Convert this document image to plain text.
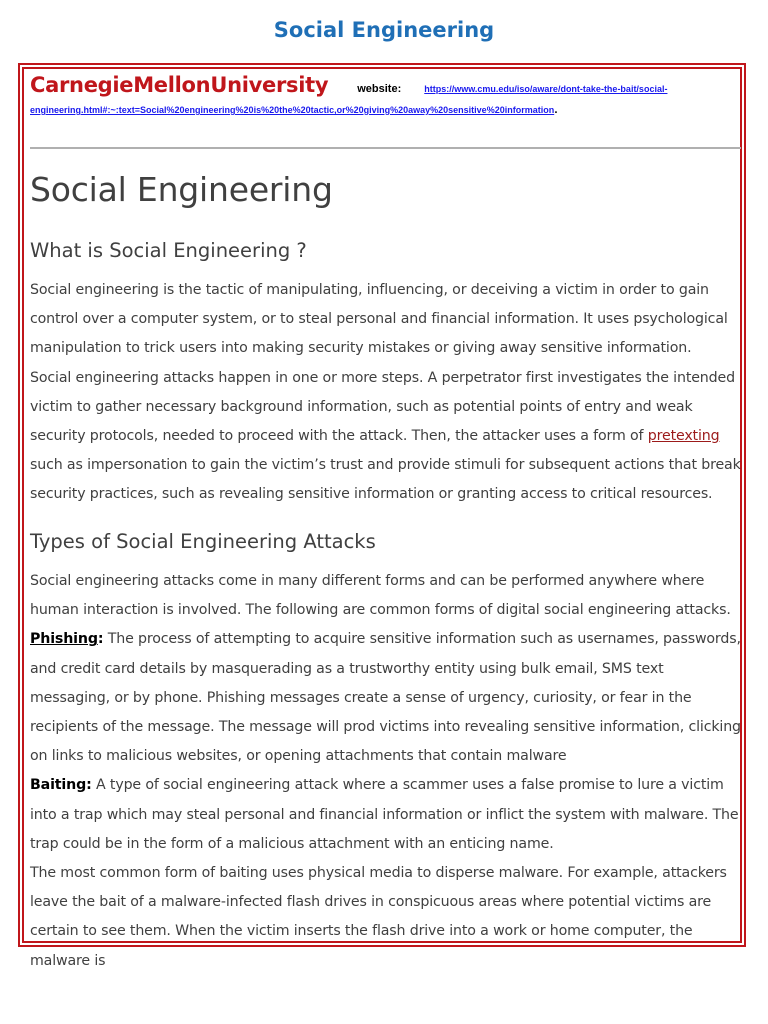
Social Engineering
CarnegieMellonUniversity	website:	https://www.cmu.edu/iso/aware/dont-take-the-bait/social-
engineering.html#:~:text=Social%20engineering%20is%20the%20tactic,or%20giving%20away%20sensitive%20information.
Social Engineering
What is Social Engineering ?

Social engineering is the tactic of manipulating, influencing, or deceiving a victim in order to gain control over a computer system, or to steal personal and financial information. It uses psychological manipulation to trick users into making security mistakes or giving away sensitive information.

Social engineering attacks happen in one or more steps. A perpetrator first investigates the intended victim to gather necessary background information, such as potential points of entry and weak security protocols, needed to proceed with the attack. Then, the attacker uses a form of pretexting such as impersonation to gain the victim’s trust and provide stimuli for subsequent actions that break security practices, such as revealing sensitive information or granting access to critical resources.

Types of Social Engineering Attacks

Social engineering attacks come in many different forms and can be performed anywhere where human interaction is involved. The following are common forms of digital social engineering attacks.

Phishing: The process of attempting to acquire sensitive information such as usernames, passwords, and credit card details by masquerading as a trustworthy entity using bulk email, SMS text messaging, or by phone. Phishing messages create a sense of urgency, curiosity, or fear in the recipients of the message. The message will prod victims into revealing sensitive information, clicking on links to malicious websites, or opening attachments that contain malware

Baiting: A type of social engineering attack where a scammer uses a false promise to lure a victim into a trap which may steal personal and financial information or inflict the system with malware. The trap could be in the form of a malicious attachment with an enticing name.

The most common form of baiting uses physical media to disperse malware. For example, attackers leave the bait of a malware-infected flash drives in conspicuous areas where potential victims are certain to see them. When the victim inserts the flash drive into a work or home computer, the malware is
